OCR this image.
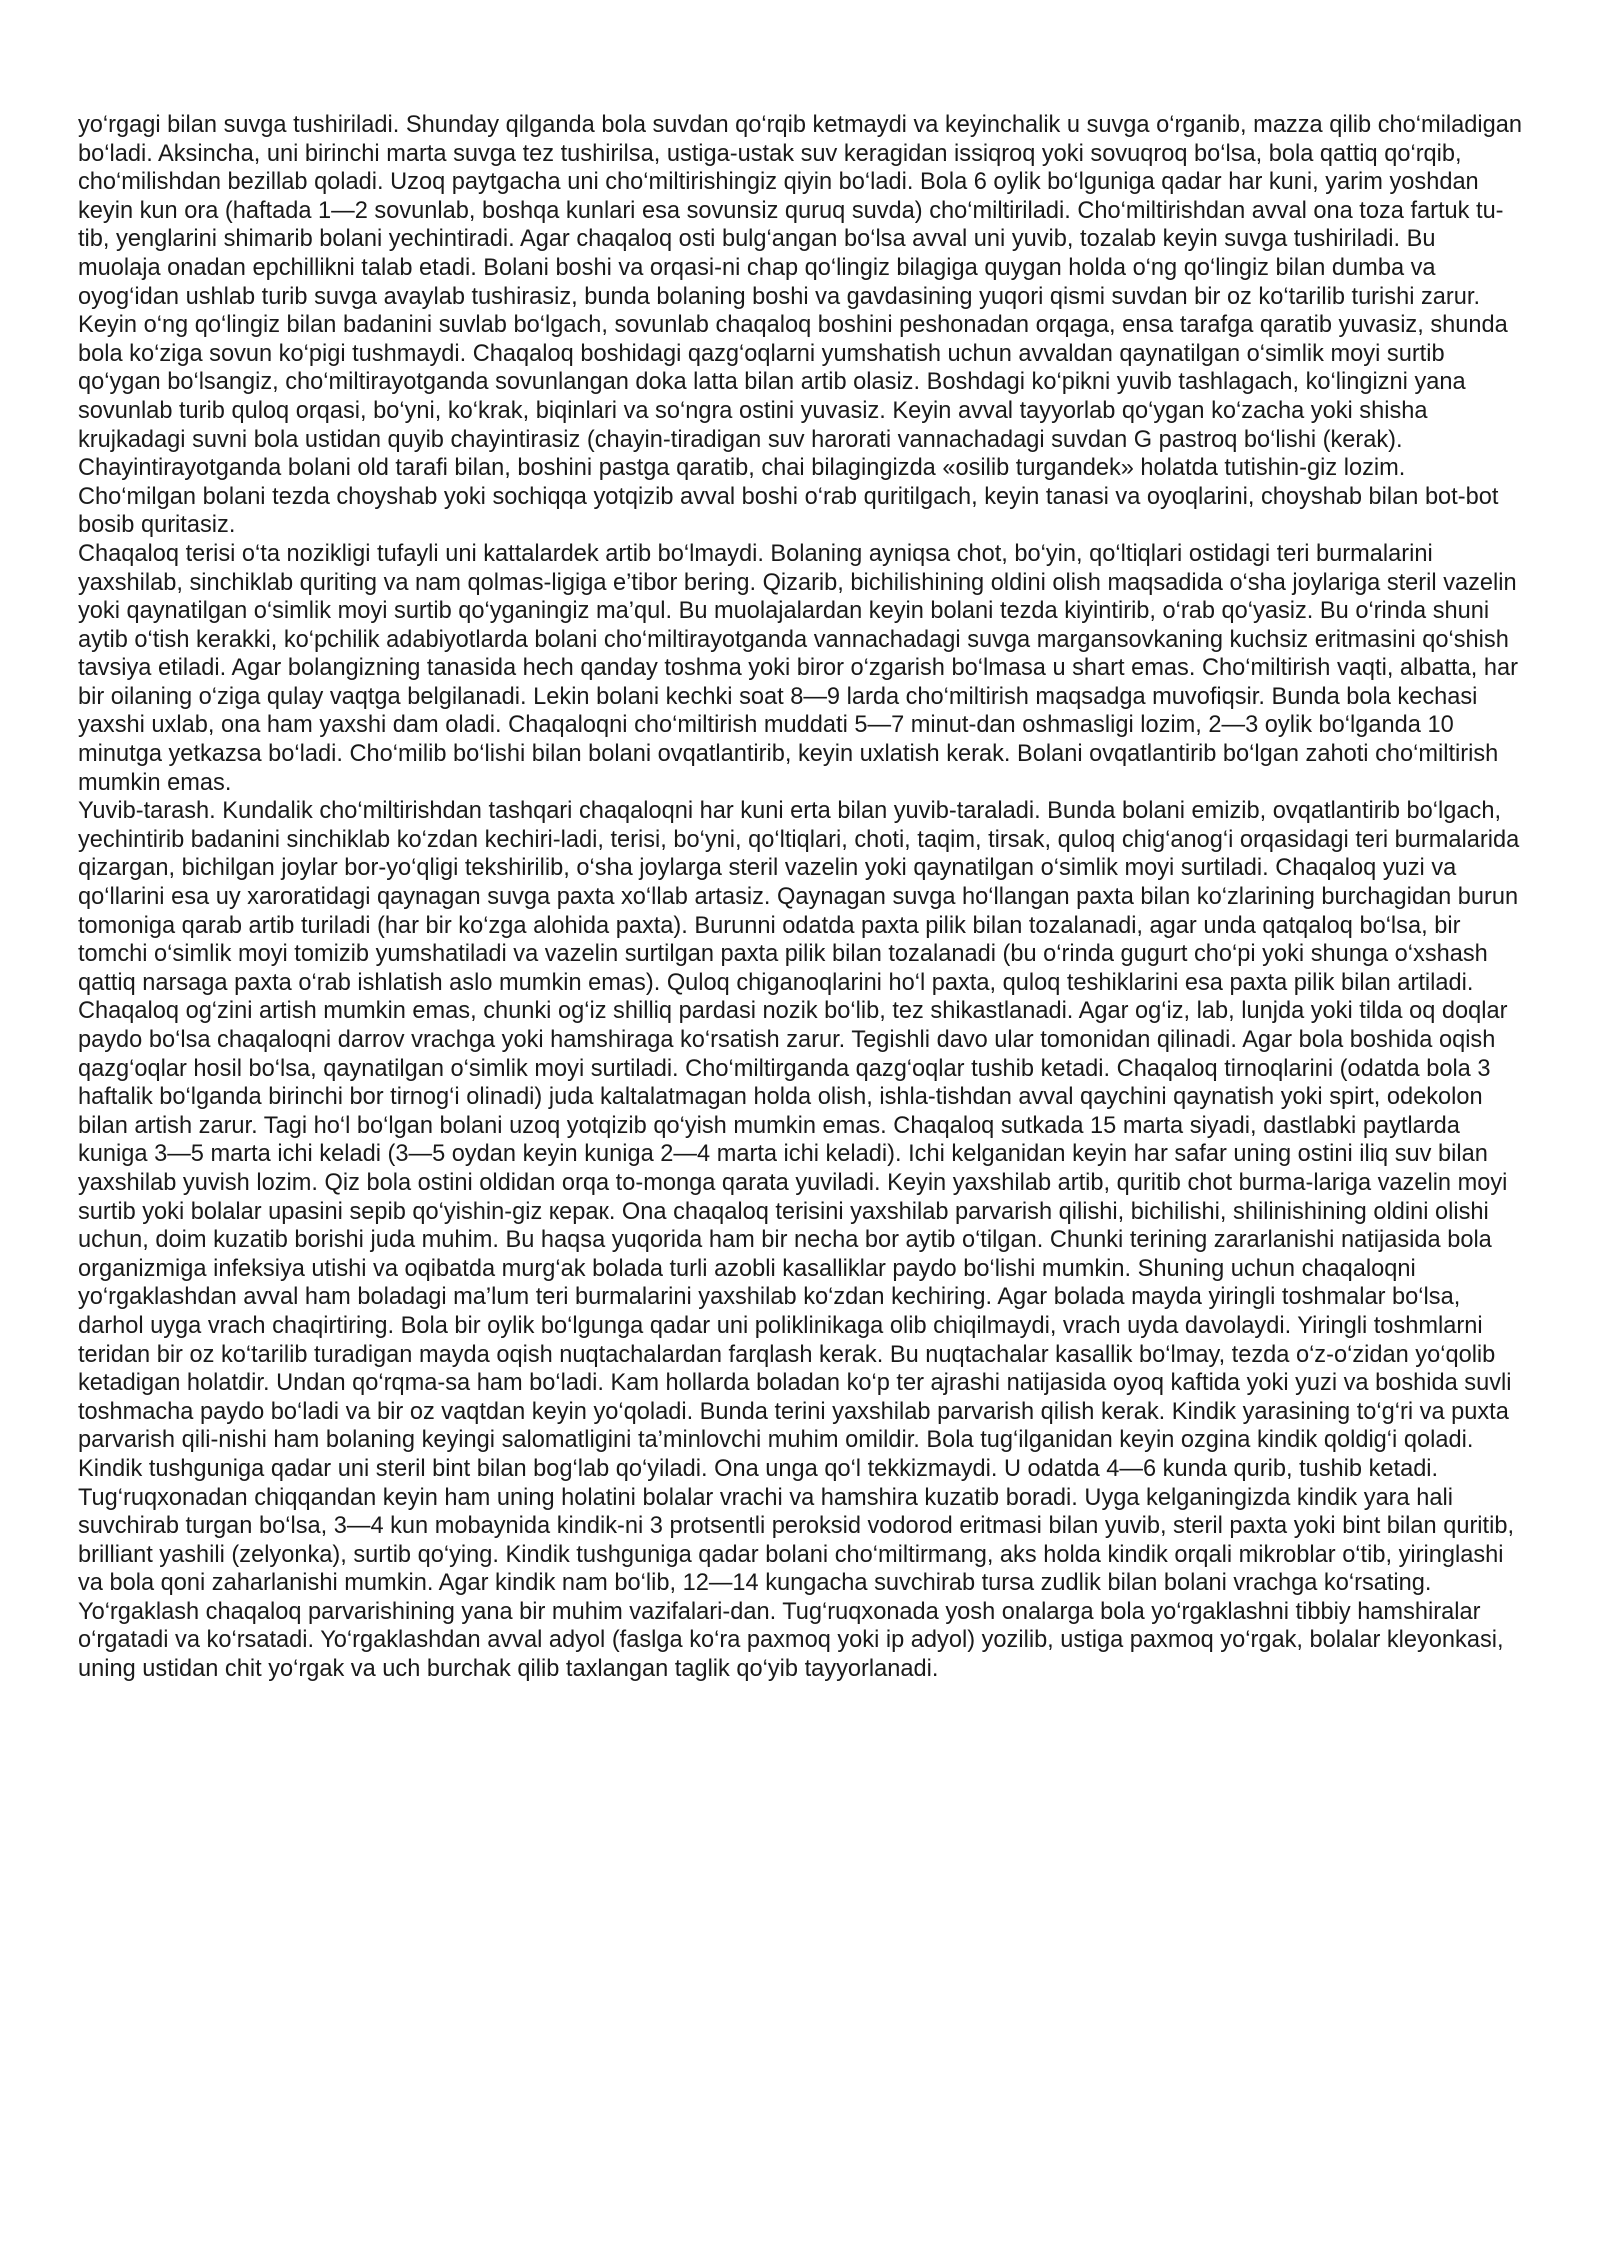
yo‘rgagi bilan suvga tushiriladi. Shunday qilganda bola suvdan qo‘rqib ketmaydi va keyinchalik u suvga o‘rganib, mazza qilib cho‘miladigan bo‘ladi. Aksincha, uni birinchi marta suvga tez tushirilsa, ustiga-ustak suv keragidan issiqroq yoki sovuqroq bo‘lsa, bola qattiq qo‘rqib, cho‘milishdan bezillab qoladi. Uzoq paytgacha uni cho‘miltirishingiz qiyin bo‘ladi. Bola 6 oylik bo‘lguniga qadar har kuni, yarim yoshdan keyin kun ora (haftada 1—2 sovunlab, boshqa kunlari esa sovunsiz quruq suvda) cho‘miltiriladi. Cho‘miltirishdan avval ona toza fartuk tu-tib, yenglarini shimarib bolani yechintiradi. Agar chaqaloq osti bulg‘angan bo‘lsa avval uni yuvib, tozalab keyin suvga tushiriladi. Bu muolaja onadan epchillikni talab etadi. Bolani boshi va orqasi-ni chap qo‘lingiz bilagiga quygan holda o‘ng qo‘lingiz bilan dumba va oyog‘idan ushlab turib suvga avaylab tushirasiz, bunda bolaning boshi va gavdasining yuqori qismi suvdan bir oz ko‘tarilib turishi zarur. Keyin o‘ng qo‘lingiz bilan badanini suvlab bo‘lgach, sovunlab chaqaloq boshini peshonadan orqaga, ensa tarafga qaratib yuvasiz, shunda bola ko‘ziga sovun ko‘pigi tushmaydi. Chaqaloq boshidagi qazg‘oqlarni yumshatish uchun avvaldan qaynatilgan o‘simlik moyi surtib qo‘ygan bo‘lsangiz, cho‘miltirayotganda sovunlangan doka latta bilan artib olasiz. Boshdagi ko‘pikni yuvib tashlagach, ko‘lingizni yana sovunlab turib quloq orqasi, bo‘yni, ko‘krak, biqinlari va so‘ngra ostini yuvasiz. Keyin avval tayyorlab qo‘ygan ko‘zacha yoki shisha krujkadagi suvni bola ustidan quyib chayintirasiz (chayin-tiradigan suv harorati vannachadagi suvdan G pastroq bo‘lishi (kerak). Chayintirayotganda bolani old tarafi bilan, boshini pastga qaratib, chai bilagingizda «osilib turgandek» holatda tutishin-giz lozim. Cho‘milgan bolani tezda choyshab yoki sochiqqa yotqizib avval boshi o‘rab quritilgach, keyin tanasi va oyoqlarini, choyshab bilan bot-bot bosib quritasiz.

Chaqaloq terisi o‘ta nozikligi tufayli uni kattalardek artib bo‘lmaydi. Bolaning ayniqsa chot, bo‘yin, qo‘ltiqlari ostidagi teri burmalarini yaxshilab, sinchiklab quriting va nam qolmas-ligiga e’tibor bering. Qizarib, bichilishining oldini olish maqsadida o‘sha joylariga steril vazelin yoki qaynatilgan o‘simlik moyi surtib qo‘yganingiz ma’qul. Bu muolajalardan keyin bolani tezda kiyintirib, o‘rab qo‘yasiz. Bu o‘rinda shuni aytib o‘tish kerakki, ko‘pchilik adabiyotlarda bolani cho‘miltirayotganda vannachadagi suvga margansovkaning kuchsiz eritmasini qo‘shish tavsiya etiladi. Agar bolangizning tanasida hech qanday toshma yoki biror o‘zgarish bo‘lmasa u shart emas. Cho‘miltirish vaqti, albatta, har bir oilaning o‘ziga qulay vaqtga belgilanadi. Lekin bolani kechki soat 8—9 larda cho‘miltirish maqsadga muvofiqsir. Bunda bola kechasi yaxshi uxlab, ona ham yaxshi dam oladi. Chaqaloqni cho‘miltirish muddati 5—7 minut-dan oshmasligi lozim, 2—3 oylik bo‘lganda 10 minutga yetkazsa bo‘ladi. Cho‘milib bo‘lishi bilan bolani ovqatlantirib, keyin uxlatish kerak. Bolani ovqatlantirib bo‘lgan zahoti cho‘miltirish mumkin emas.

Yuvib-tarash. Kundalik cho‘miltirishdan tashqari chaqaloqni har kuni erta bilan yuvib-taraladi. Bunda bolani emizib, ovqatlantirib bo‘lgach, yechintirib badanini sinchiklab ko‘zdan kechiri-ladi, terisi, bo‘yni, qo‘ltiqlari, choti, taqim, tirsak, quloq chig‘anog‘i orqasidagi teri burmalarida qizargan, bichilgan joylar bor-yo‘qligi tekshirilib, o‘sha joylarga steril vazelin yoki qaynatilgan o‘simlik moyi surtiladi. Chaqaloq yuzi va qo‘llarini esa uy xaroratidagi qaynagan suvga paxta xo‘llab artasiz. Qaynagan suvga ho‘llangan paxta bilan ko‘zlarining burchagidan burun tomoniga qarab artib turiladi (har bir ko‘zga alohida paxta). Burunni odatda paxta pilik bilan tozalanadi, agar unda qatqaloq bo‘lsa, bir tomchi o‘simlik moyi tomizib yumshatiladi va vazelin surtilgan paxta pilik bilan tozalanadi (bu o‘rinda gugurt cho‘pi yoki shunga o‘xshash qattiq narsaga paxta o‘rab ishlatish aslo mumkin emas). Quloq chiganoqlarini ho‘l paxta, quloq teshiklarini esa paxta pilik bilan artiladi.

Chaqaloq og‘zini artish mumkin emas, chunki og‘iz shilliq pardasi nozik bo‘lib, tez shikastlanadi. Agar og‘iz, lab, lunjda yoki tilda oq doqlar paydo bo‘lsa chaqaloqni darrov vrachga yoki hamshiraga ko‘rsatish zarur. Tegishli davo ular tomonidan qilinadi. Agar bola boshida oqish qazg‘oqlar hosil bo‘lsa, qaynatilgan o‘simlik moyi surtiladi. Cho‘miltirganda qazg‘oqlar tushib ketadi. Chaqaloq tirnoqlarini (odatda bola 3 haftalik bo‘lganda birinchi bor tirnog‘i olinadi) juda kaltalatmagan holda olish, ishla-tishdan avval qaychini qaynatish yoki spirt, odekolon bilan artish zarur. Tagi ho‘l bo‘lgan bolani uzoq yotqizib qo‘yish mumkin emas. Chaqaloq sutkada 15 marta siyadi, dastlabki paytlarda kuniga 3—5 marta ichi keladi (3—5 oydan keyin kuniga 2—4 marta ichi keladi). Ichi kelganidan keyin har safar uning ostini iliq suv bilan yaxshilab yuvish lozim. Qiz bola ostini oldidan orqa to-monga qarata yuviladi. Keyin yaxshilab artib, quritib chot burma-lariga vazelin moyi surtib yoki bolalar upasini sepib qo‘yishin-giz кepaк. Ona chaqaloq terisini yaxshilab parvarish qilishi, bichilishi, shilinishining oldini olishi uchun, doim kuzatib borishi juda muhim. Bu haqsa yuqorida ham bir necha bor aytib o‘tilgan. Chunki terining zararlanishi natijasida bola organizmiga infeksiya utishi va oqibatda murg‘ak bolada turli azobli kasalliklar paydo bo‘lishi mumkin. Shuning uchun chaqaloqni yo‘rgaklashdan avval ham boladagi ma’lum teri burmalarini yaxshilab ko‘zdan kechiring. Agar bolada mayda yiringli toshmalar bo‘lsa, darhol uyga vrach chaqirtiring. Bola bir oylik bo‘lgunga qadar uni poliklinikaga olib chiqilmaydi, vrach uyda davolaydi. Yiringli toshmlarni teridan bir oz ko‘tarilib turadigan mayda oqish nuqtachalardan farqlash kerak. Bu nuqtachalar kasallik bo‘lmay, tezda o‘z-o‘zidan yo‘qolib ketadigan holatdir. Undan qo‘rqma-sa ham bo‘ladi. Kam hollarda boladan ko‘p ter ajrashi natijasida oyoq kaftida yoki yuzi va boshida suvli toshmacha paydo bo‘ladi va bir oz vaqtdan keyin yo‘qoladi. Bunda terini yaxshilab parvarish qilish kerak. Kindik yarasining to‘g‘ri va puxta parvarish qili-nishi ham bolaning keyingi salomatligini ta’minlovchi muhim omildir. Bola tug‘ilganidan keyin ozgina kindik qoldig‘i qoladi. Kindik tushguniga qadar uni steril bint bilan bog‘lab qo‘yiladi. Ona unga qo‘l tekkizmaydi. U odatda 4—6 kunda qurib, tushib ketadi. Tug‘ruqxonadan chiqqandan keyin ham uning holatini bolalar vrachi va hamshira kuzatib boradi. Uyga kelganingizda kindik yara hali suvchirab turgan bo‘lsa, 3—4 kun mobaynida kindik-ni 3 protsentli peroksid vodorod eritmasi bilan yuvib, steril paxta yoki bint bilan quritib, brilliant yashili (zelyonka), surtib qo‘ying. Kindik tushguniga qadar bolani cho‘miltirmang, aks holda kindik orqali mikroblar o‘tib, yiringlashi va bola qoni zaharlanishi mumkin. Agar kindik nam bo‘lib, 12—14 kungacha suvchirab tursa zudlik bilan bolani vrachga ko‘rsating.

Yo‘rgaklash chaqaloq parvarishining yana bir muhim vazifalari-dan. Tug‘ruqxonada yosh onalarga bola yo‘rgaklashni tibbiy hamshiralar o‘rgatadi va ko‘rsatadi. Yo‘rgaklashdan avval adyol (faslga ko‘ra paxmoq yoki ip adyol) yozilib, ustiga paxmoq yo‘rgak, bolalar kleyonkasi, uning ustidan chit yo‘rgak va uch burchak qilib taxlangan taglik qo‘yib tayyorlanadi.
